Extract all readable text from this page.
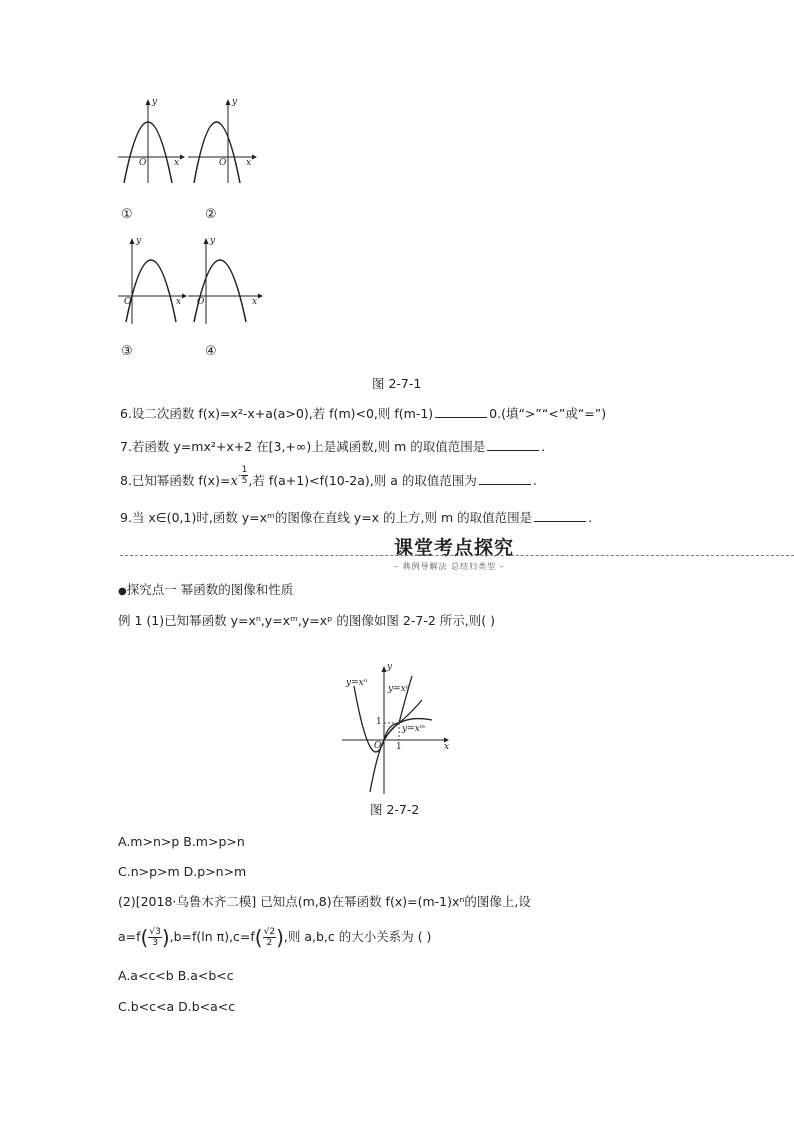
y
x
O
①
y
x
O
②
y
x
O
③
y
x
O
④
图 2-7-1
6.设二次函数 f(x)=x²-x+a(a>0),若 f(m)<0,则 f(m-1)	0.(填“>”“<”或“=”)
7.若函数 y=mx²+x+2 在[3,+∞)上是减函数,则 m 的取值范围是	.
8.已知幂函数 $f(x)=x^{- \frac{1}{5}}$ ,若 f(a+1)<f(10-2a),则 a 的取值范围为	.
9.当 x∈(0,1)时,函数 y=xᵐ的图像在直线 y=x 的上方,则 m 的取值范围是	.
课堂考点探究
– 典例导解法 总结归类型 –
●探究点一 幂函数的图像和性质
例 1 (1)已知幂函数 y=xⁿ,y=xᵐ,y=xᵖ 的图像如图 2-7-2 所示,则( )
y=xⁿ
y=xᵖ
y=xᵐ
y
x
O 1
1
图 2-7-2
A.m>n>p B.m>p>n
C.n>p>m D.p>n>m
(2)[2018·乌鲁木齐二模] 已知点(m,8)在幂函数 f(x)=(m-1)xⁿ的图像上,设
$a=f( \frac{√3}{3} ),b=f(\ln$ $\pi),c=f( \frac{√2}{2}$ ),则 a,b,c 的大小关系为 ( )
A.a<c<b B.a<b<c
C.b<c<a D.b<a<c
